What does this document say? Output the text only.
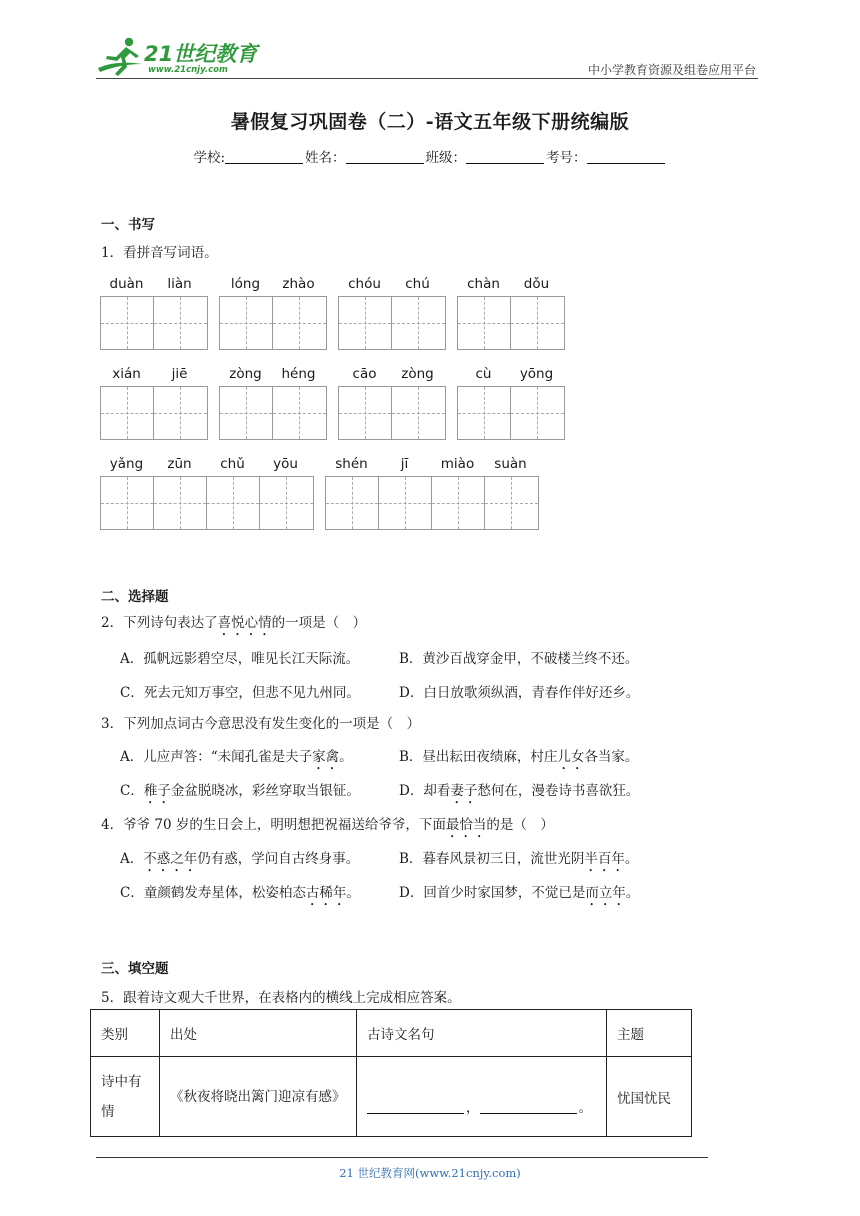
21世纪教育
www.21cnjy.com	中小学教育资源及组卷应用平台
暑假复习巩固卷（二）-语文五年级下册统编版
学校:	姓名：	班级：	考号：
一、书写
1．看拼音写词语。
duàn	liàn	lóng	zhào	chóu	chú	chàn	dǒu
xián	jiē	zòng	héng	cāo	zòng	cù	yōng
yǎng	zūn	chǔ	yōu	shén	jī	miào	suàn
二、选择题
2．下列诗句表达了喜悦心情的一项是（　）
A．孤帆远影碧空尽，唯见长江天际流。	B．黄沙百战穿金甲，不破楼兰终不还。
C．死去元知万事空，但悲不见九州同。	D．白日放歌须纵酒，青春作伴好还乡。
3．下列加点词古今意思没有发生变化的一项是（　）
A．儿应声答：“未闻孔雀是夫子家禽。	B．昼出耘田夜绩麻，村庄儿女各当家。
C．稚子金盆脱晓冰，彩丝穿取当银钲。	D．却看妻子愁何在，漫卷诗书喜欲狂。
4．爷爷 70 岁的生日会上，明明想把祝福送给爷爷，下面最恰当的是（　）
A．不惑之年仍有惑，学问自古终身事。	B．暮春风景初三日，流世光阴半百年。
C．童颜鹤发寿星体，松姿柏态古稀年。	D．回首少时家国梦，不觉已是而立年。
三、填空题
5．跟着诗文观大千世界，在表格内的横线上完成相应答案。
类别	出处	古诗文名句	主题
诗中有情	《秋夜将晓出篱门迎凉有感》	， 。	忧国忧民
21 世纪教育网(www.21cnjy.com)
